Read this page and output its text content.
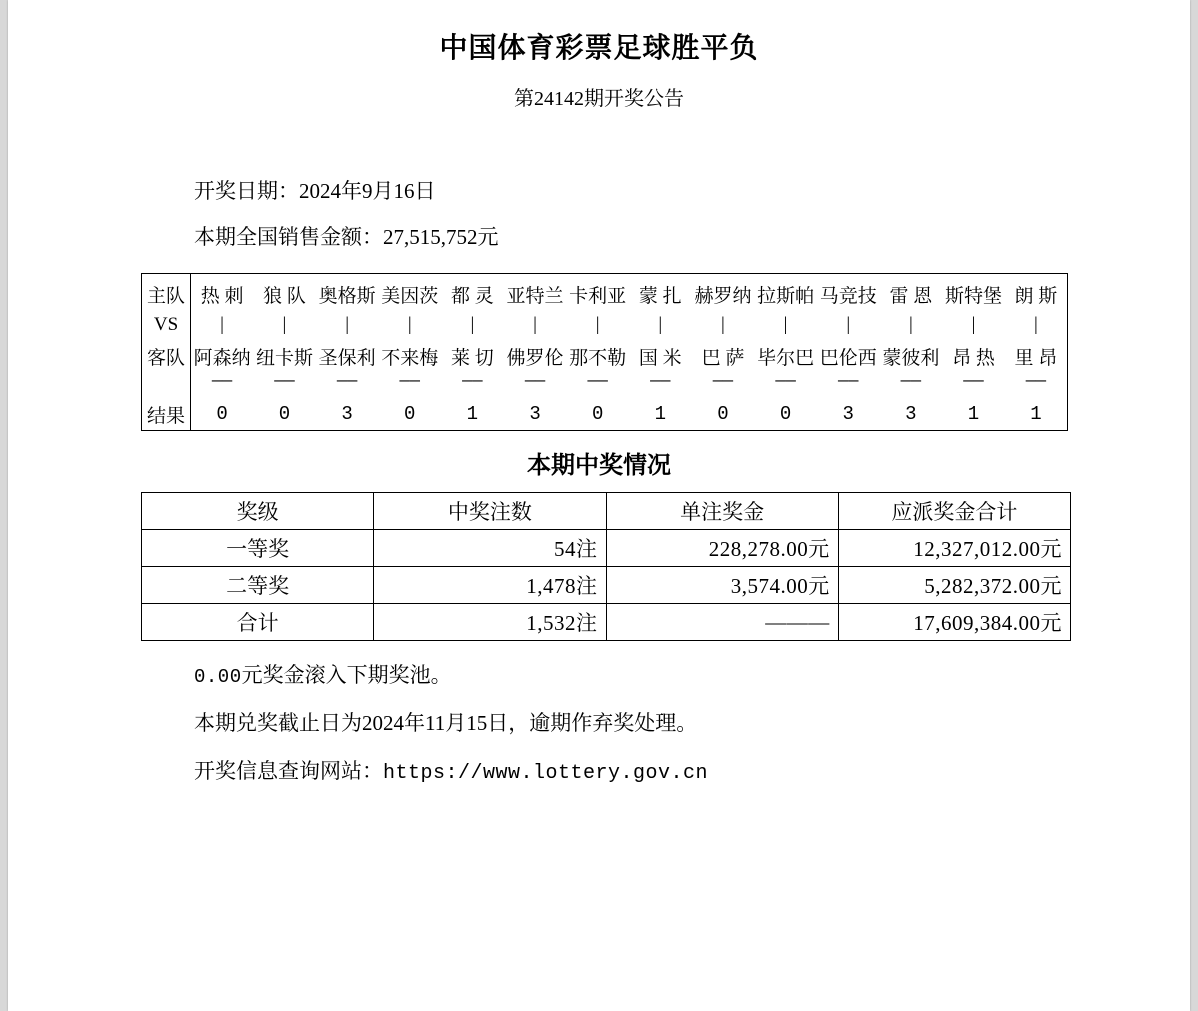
中国体育彩票足球胜平负
第24142期开奖公告
开奖日期：2024年9月16日
本期全国销售金额：27,515,752元
主队	热 刺	狼 队	奥格斯	美因茨	都 灵	亚特兰	卡利亚	蒙 扎	赫罗纳	拉斯帕	马竞技	雷 恩	斯特堡	朗 斯
VS	|	|	|	|	|	|	|	|	|	|	|	|	|	|
客队	阿森纳	纽卡斯	圣保利	不来梅	莱 切	佛罗伦	那不勒	国 米	巴 萨	毕尔巴	巴伦西	蒙彼利	昂 热	里 昂
	——	——	——	——	——	——	——	——	——	——	——	——	——	——
结果	0	0	3	0	1	3	0	1	0	0	3	3	1	1
本期中奖情况
奖级	中奖注数	单注奖金	应派奖金合计
一等奖	54注	228,278.00元	12,327,012.00元
二等奖	1,478注	3,574.00元	5,282,372.00元
合计	1,532注	———	17,609,384.00元
0.00元奖金滚入下期奖池。
本期兑奖截止日为2024年11月15日，逾期作弃奖处理。
开奖信息查询网站：https://www.lottery.gov.cn
